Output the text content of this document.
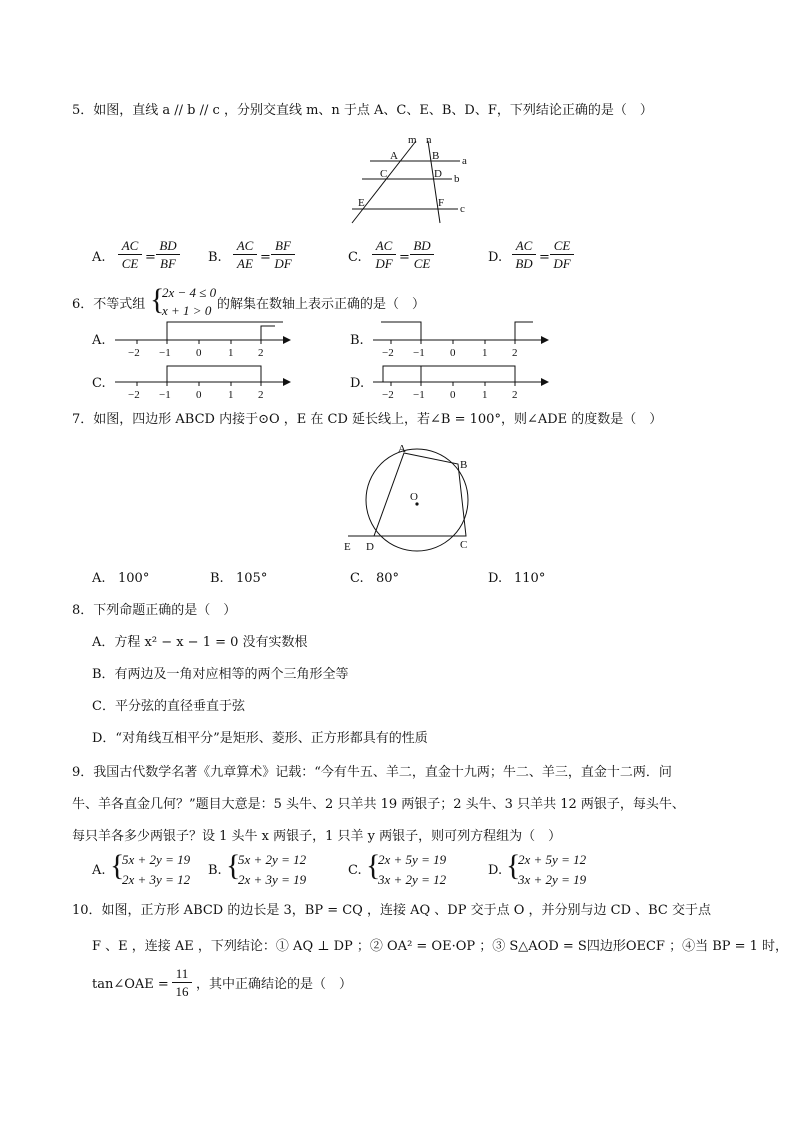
5．如图，直线 a // b // c ，分别交直线 m、n 于点 A、C、E、B、D、F，下列结论正确的是（　）
m n
a
b
c
A	B
C	D
E	F
A.
AC
CE =
BD
BF	B.
AC
AE =
BF
DF	C.
AC
DF =
BD
CE	D.
AC
BD =
CE
DF
6．不等式组 {
2x − 4 ≤ 0
x + 1 > 0 的解集在数轴上表示正确的是（　）
A.
−2 −1 0 1 2
B.
−2 −1 0 1 2
C.
−2 −1 0 1 2
D.
−2 −1 0 1 2
7．如图，四边形 ABCD 内接于⊙O ，E 在 CD 延长线上，若∠B = 100°，则∠ADE 的度数是（　）
A
B
C
D
E
O
A. 100°	B. 105°	C. 80°	D. 110°
8．下列命题正确的是（　）
A．方程 x² − x − 1 = 0 没有实数根
B．有两边及一角对应相等的两个三角形全等
C．平分弦的直径垂直于弦
D．“对角线互相平分”是矩形、菱形、正方形都具有的性质
9．我国古代数学名著《九章算术》记载：“今有牛五、羊二，直金十九两；牛二、羊三，直金十二两．问
牛、羊各直金几何？”题目大意是：5 头牛、2 只羊共 19 两银子；2 头牛、3 只羊共 12 两银子，每头牛、
每只羊各多少两银子？设 1 头牛 x 两银子，1 只羊 y 两银子，则可列方程组为（　）
A. {
5x + 2y = 19
2x + 3y = 12
B. {
5x + 2y = 12
2x + 3y = 19
C. {
2x + 5y = 19
3x + 2y = 12
D. {
2x + 5y = 12
3x + 2y = 19
10．如图，正方形 ABCD 的边长是 3，BP = CQ ，连接 AQ 、DP 交于点 O ，并分别与边 CD 、BC 交于点
F 、E ，连接 AE ，下列结论：① AQ ⊥ DP ；② OA² = OE·OP ；③ S△AOD = S四边形OECF ；④当 BP = 1 时，
tan∠OAE =
11
16 ，其中正确结论的是（　）
